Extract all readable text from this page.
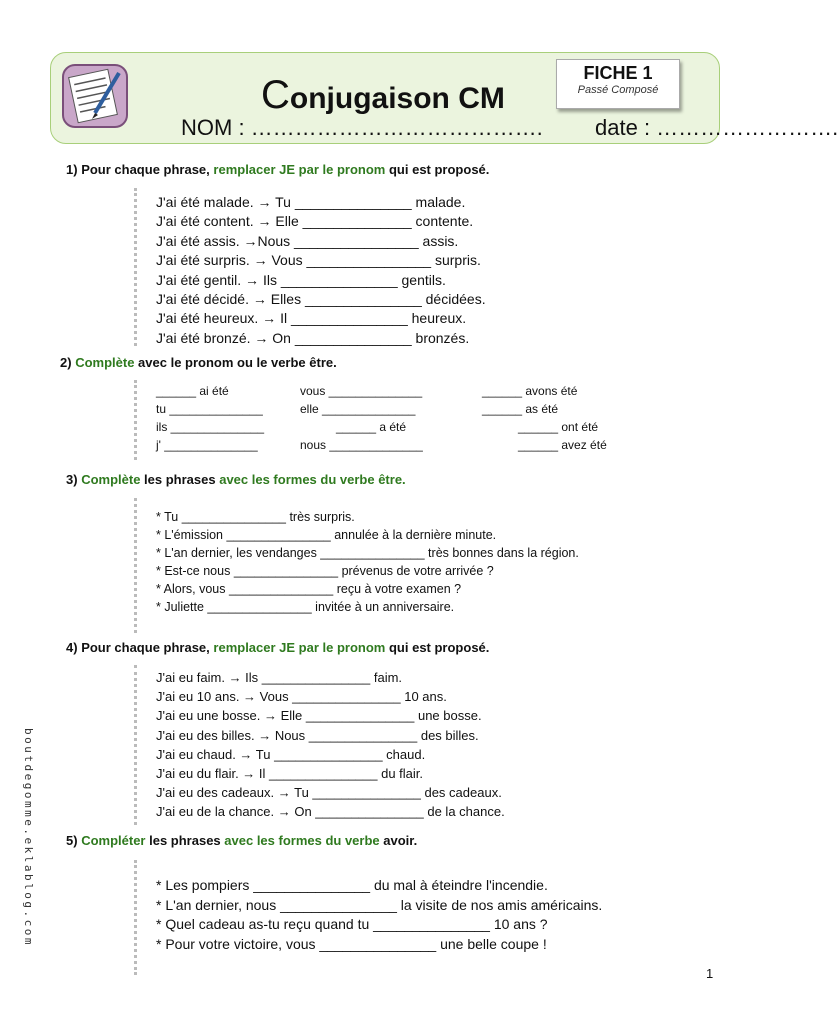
Conjugaison CM
NOM : …………………………………. date : …………………….
FICHE 1
Passé Composé
1) Pour chaque phrase, remplacer JE par le pronom qui est proposé.
J'ai été malade. → Tu _______________ malade.
J'ai été content. → Elle ______________ contente.
J'ai été assis. →Nous ________________ assis.
J'ai été surpris. → Vous ________________ surpris.
J'ai été gentil. → Ils _______________ gentils.
J'ai été décidé. → Elles _______________ décidées.
J'ai été heureux. → Il _______________ heureux.
J'ai été bronzé. → On _______________ bronzés.
2) Complète avec le pronom ou le verbe être.
______ ai été
tu ______________
ils ______________
j' ______________
vous ______________
elle ______________
______ a été
nous ______________
______ avons été
______ as été
______ ont été
______ avez été
3) Complète les phrases avec les formes du verbe être.
* Tu _______________ très surpris.
* L'émission _______________ annulée à la dernière minute.
* L'an dernier, les vendanges _______________ très bonnes dans la région.
* Est-ce nous _______________ prévenus de votre arrivée ?
* Alors, vous _______________ reçu à votre examen ?
* Juliette _______________ invitée à un anniversaire.
4) Pour chaque phrase, remplacer JE par le pronom qui est proposé.
J'ai eu faim. → Ils _______________ faim.
J'ai eu 10 ans. → Vous _______________ 10 ans.
J'ai eu une bosse. → Elle _______________ une bosse.
J'ai eu des billes. → Nous _______________ des billes.
J'ai eu chaud. → Tu _______________ chaud.
J'ai eu du flair. → Il _______________ du flair.
J'ai eu des cadeaux. → Tu _______________ des cadeaux.
J'ai eu de la chance. → On _______________ de la chance.
5) Compléter les phrases avec les formes du verbe avoir.
* Les pompiers _______________ du mal à éteindre l'incendie.
* L'an dernier, nous _______________ la visite de nos amis américains.
* Quel cadeau as-tu reçu quand tu _______________ 10 ans ?
* Pour votre victoire, vous _______________ une belle coupe !
boutdegomme.eklablog.com
1
